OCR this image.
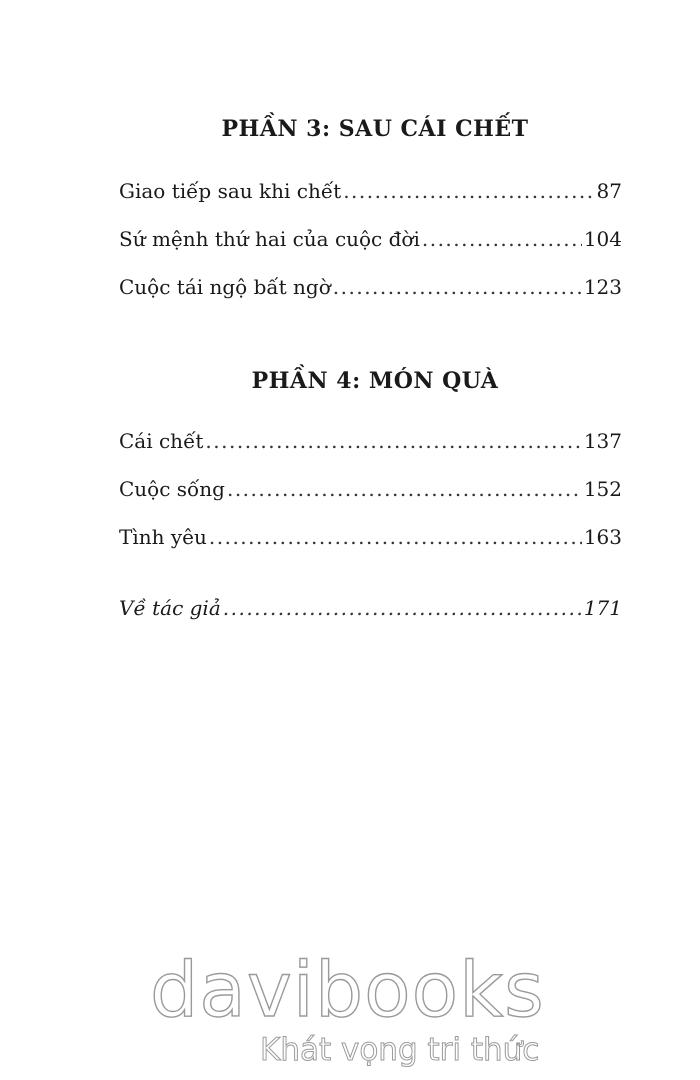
PHẦN 3: SAU CÁI CHẾT
Giao tiếp sau khi chết .....	87
Sứ mệnh thứ hai của cuộc đời .....	104
Cuộc tái ngộ bất ngờ .....	123
PHẦN 4: MÓN QUÀ
Cái chết .....	137
Cuộc sống .....	152
Tình yêu .....	163
Về tác giả .....	171
davibooks
Khát vọng tri thức
